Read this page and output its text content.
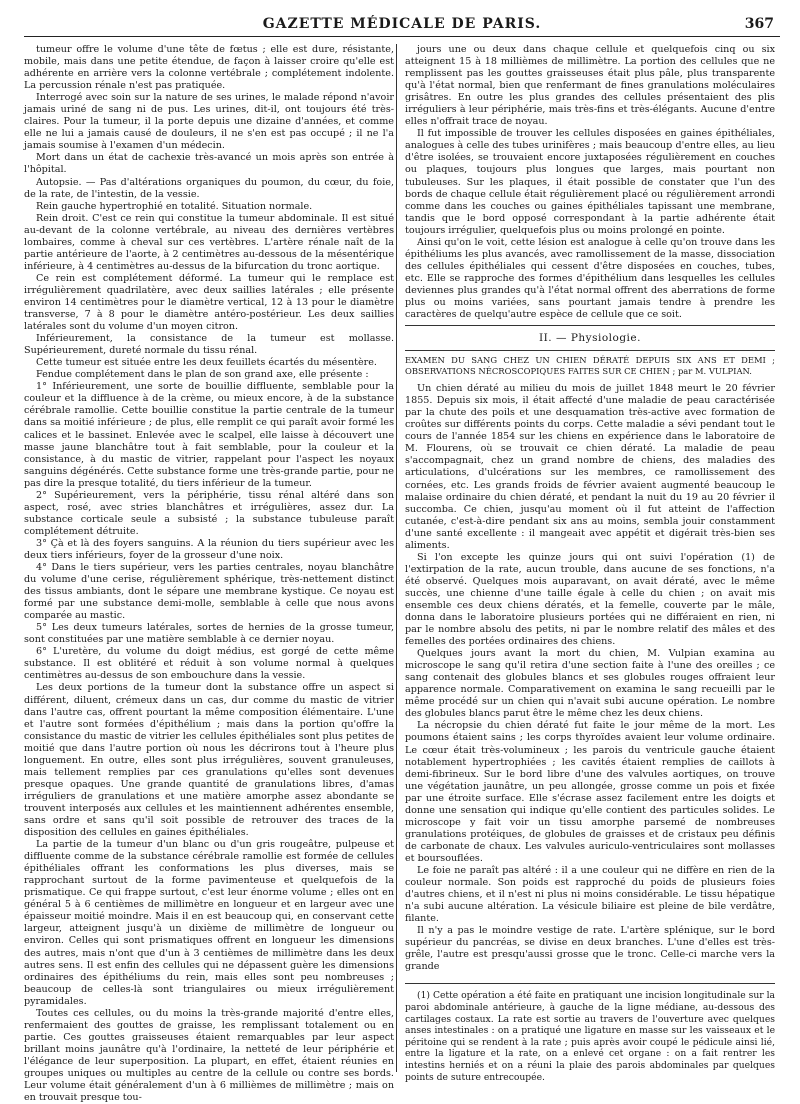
GAZETTE MÉDICALE DE PARIS.	367

tumeur offre le volume d'une tête de fœtus ; elle est dure, résistante, mobile, mais dans une petite étendue, de façon à laisser croire qu'elle est adhérente en arrière vers la colonne vertébrale ; complétement indolente. La percussion rénale n'est pas pratiquée.

Interrogé avec soin sur la nature de ses urines, le malade répond n'avoir jamais uriné de sang ni de pus. Les urines, dit-il, ont toujours été très-claires. Pour la tumeur, il la porte depuis une dizaine d'années, et comme elle ne lui a jamais causé de douleurs, il ne s'en est pas occupé ; il ne l'a jamais soumise à l'examen d'un médecin.

Mort dans un état de cachexie très-avancé un mois après son entrée à l'hôpital.

Autopsie. — Pas d'altérations organiques du poumon, du cœur, du foie, de la rate, de l'intestin, de la vessie.

Rein gauche hypertrophié en totalité. Situation normale.

Rein droit. C'est ce rein qui constitue la tumeur abdominale. Il est situé au-devant de la colonne vertébrale, au niveau des dernières vertèbres lombaires, comme à cheval sur ces vertèbres. L'artère rénale naît de la partie antérieure de l'aorte, à 2 centimètres au-dessous de la mésentérique inférieure, à 4 centimètres au-dessus de la bifurcation du tronc aortique.

Ce rein est complétement déformé. La tumeur qui le remplace est irrégulièrement quadrilatère, avec deux saillies latérales ; elle présente environ 14 centimètres pour le diamètre vertical, 12 à 13 pour le diamètre transverse, 7 à 8 pour le diamètre antéro-postérieur. Les deux saillies latérales sont du volume d'un moyen citron.

Inférieurement, la consistance de la tumeur est mollasse. Supérieurement, dureté normale du tissu rénal.

Cette tumeur est située entre les deux feuillets écartés du mésentère.

Fendue complétement dans le plan de son grand axe, elle présente :

1° Inférieurement, une sorte de bouillie diffluente, semblable pour la couleur et la diffluence à de la crème, ou mieux encore, à de la substance cérébrale ramollie. Cette bouillie constitue la partie centrale de la tumeur dans sa moitié inférieure ; de plus, elle remplit ce qui paraît avoir formé les calices et le bassinet. Enlevée avec le scalpel, elle laisse à découvert une masse jaune blanchâtre tout à fait semblable, pour la couleur et la consistance, à du mastic de vitrier, rappelant pour l'aspect les noyaux sanguins dégénérés. Cette substance forme une très-grande partie, pour ne pas dire la presque totalité, du tiers inférieur de la tumeur.

2° Supérieurement, vers la périphérie, tissu rénal altéré dans son aspect, rosé, avec stries blanchâtres et irrégulières, assez dur. La substance corticale seule a subsisté ; la substance tubuleuse paraît complétement détruite.

3° Çà et là des foyers sanguins. A la réunion du tiers supérieur avec les deux tiers inférieurs, foyer de la grosseur d'une noix.

4° Dans le tiers supérieur, vers les parties centrales, noyau blanchâtre du volume d'une cerise, régulièrement sphérique, très-nettement distinct des tissus ambiants, dont le sépare une membrane kystique. Ce noyau est formé par une substance demi-molle, semblable à celle que nous avons comparée au mastic.

5° Les deux tumeurs latérales, sortes de hernies de la grosse tumeur, sont constituées par une matière semblable à ce dernier noyau.

6° L'uretère, du volume du doigt médius, est gorgé de cette même substance. Il est oblitéré et réduit à son volume normal à quelques centimètres au-dessus de son embouchure dans la vessie.

Les deux portions de la tumeur dont la substance offre un aspect si différent, diluent, crémeux dans un cas, dur comme du mastic de vitrier dans l'autre cas, offrent pourtant la même composition élémentaire. L'une et l'autre sont formées d'épithélium ; mais dans la portion qu'offre la consistance du mastic de vitrier les cellules épithéliales sont plus petites de moitié que dans l'autre portion où nous les décrirons tout à l'heure plus longuement. En outre, elles sont plus irrégulières, souvent granuleuses, mais tellement remplies par ces granulations qu'elles sont devenues presque opaques. Une grande quantité de granulations libres, d'amas irréguliers de granulations et une matière amorphe assez abondante se trouvent interposés aux cellules et les maintiennent adhérentes ensemble, sans ordre et sans qu'il soit possible de retrouver des traces de la disposition des cellules en gaines épithéliales.

La partie de la tumeur d'un blanc ou d'un gris rougeâtre, pulpeuse et diffluente comme de la substance cérébrale ramollie est formée de cellules épithéliales offrant les conformations les plus diverses, mais se rapprochant surtout de la forme pavimenteuse et quelquefois de la prismatique. Ce qui frappe surtout, c'est leur énorme volume ; elles ont en général 5 à 6 centièmes de millimètre en longueur et en largeur avec une épaisseur moitié moindre. Mais il en est beaucoup qui, en conservant cette largeur, atteignent jusqu'à un dixième de millimètre de longueur ou environ. Celles qui sont prismatiques offrent en longueur les dimensions des autres, mais n'ont que d'un à 3 centièmes de millimètre dans les deux autres sens. Il est enfin des cellules qui ne dépassent guère les dimensions ordinaires des épithéliums du rein, mais elles sont peu nombreuses ; beaucoup de celles-là sont triangulaires ou mieux irrégulièrement pyramidales.

Toutes ces cellules, ou du moins la très-grande majorité d'entre elles, renfermaient des gouttes de graisse, les remplissant totalement ou en partie. Ces gouttes graisseuses étaient remarquables par leur aspect brillant moins jaunâtre qu'à l'ordinaire, la netteté de leur périphérie et l'élégance de leur superposition. La plupart, en effet, étaient réunies en groupes uniques ou multiples au centre de la cellule ou contre ses bords. Leur volume était généralement d'un à 6 millièmes de millimètre ; mais on en trouvait presque tou-

jours une ou deux dans chaque cellule et quelquefois cinq ou six atteignent 15 à 18 millièmes de millimètre. La portion des cellules que ne remplissent pas les gouttes graisseuses était plus pâle, plus transparente qu'à l'état normal, bien que renfermant de fines granulations moléculaires grisâtres. En outre les plus grandes des cellules présentaient des plis irréguliers à leur périphérie, mais très-fins et très-élégants. Aucune d'entre elles n'offrait trace de noyau.

Il fut impossible de trouver les cellules disposées en gaines épithéliales, analogues à celle des tubes urinifères ; mais beaucoup d'entre elles, au lieu d'être isolées, se trouvaient encore juxtaposées régulièrement en couches ou plaques, toujours plus longues que larges, mais pourtant non tubuleuses. Sur les plaques, il était possible de constater que l'un des bords de chaque cellule était régulièrement placé ou régulièrement arrondi comme dans les couches ou gaines épithéliales tapissant une membrane, tandis que le bord opposé correspondant à la partie adhérente était toujours irrégulier, quelquefois plus ou moins prolongé en pointe.

Ainsi qu'on le voit, cette lésion est analogue à celle qu'on trouve dans les épithéliums les plus avancés, avec ramollissement de la masse, dissociation des cellules épithéliales qui cessent d'être disposées en couches, tubes, etc. Elle se rapproche des formes d'épithélium dans lesquelles les cellules deviennes plus grandes qu'à l'état normal offrent des aberrations de forme plus ou moins variées, sans pourtant jamais tendre à prendre les caractères de quelqu'autre espèce de cellule que ce soit.

II. — Physiologie.
EXAMEN DU SANG CHEZ UN CHIEN DÉRATÉ DEPUIS SIX ANS ET DEMI ; OBSERVATIONS NÉCROSCOPIQUES FAITES SUR CE CHIEN ; par M. VULPIAN.

Un chien dératé au milieu du mois de juillet 1848 meurt le 20 février 1855. Depuis six mois, il était affecté d'une maladie de peau caractérisée par la chute des poils et une desquamation très-active avec formation de croûtes sur différents points du corps. Cette maladie a sévi pendant tout le cours de l'année 1854 sur les chiens en expérience dans le laboratoire de M. Flourens, où se trouvait ce chien dératé. La maladie de peau s'accompagnait, chez un grand nombre de chiens, des maladies des articulations, d'ulcérations sur les membres, ce ramollissement des cornées, etc. Les grands froids de février avaient augmenté beaucoup le malaise ordinaire du chien dératé, et pendant la nuit du 19 au 20 février il succomba. Ce chien, jusqu'au moment où il fut atteint de l'affection cutanée, c'est-à-dire pendant six ans au moins, sembla jouir constamment d'une santé excellente : il mangeait avec appétit et digérait très-bien ses aliments.

Si l'on excepte les quinze jours qui ont suivi l'opération (1) de l'extirpation de la rate, aucun trouble, dans aucune de ses fonctions, n'a été observé. Quelques mois auparavant, on avait dératé, avec le même succès, une chienne d'une taille égale à celle du chien ; on avait mis ensemble ces deux chiens dératés, et la femelle, couverte par le mâle, donna dans le laboratoire plusieurs portées qui ne différaient en rien, ni par le nombre absolu des petits, ni par le nombre relatif des mâles et des femelles des portées ordinaires des chiens.

Quelques jours avant la mort du chien, M. Vulpian examina au microscope le sang qu'il retira d'une section faite à l'une des oreilles ; ce sang contenait des globules blancs et ses globules rouges offraient leur apparence normale. Comparativement on examina le sang recueilli par le même procédé sur un chien qui n'avait subi aucune opération. Le nombre des globules blancs parut être le même chez les deux chiens.

La nécropsie du chien dératé fut faite le jour même de la mort. Les poumons étaient sains ; les corps thyroïdes avaient leur volume ordinaire. Le cœur était très-volumineux ; les parois du ventricule gauche étaient notablement hypertrophiées ; les cavités étaient remplies de caillots à demi-fibrineux. Sur le bord libre d'une des valvules aortiques, on trouve une végétation jaunâtre, un peu allongée, grosse comme un pois et fixée par une étroite surface. Elle s'écrase assez facilement entre les doigts et donne une sensation qui indique qu'elle contient des particules solides. Le microscope y fait voir un tissu amorphe parsemé de nombreuses granulations protéiques, de globules de graisses et de cristaux peu définis de carbonate de chaux. Les valvules auriculo-ventriculaires sont mollasses et boursouflées.

Le foie ne paraît pas altéré : il a une couleur qui ne diffère en rien de la couleur normale. Son poids est rapproché du poids de plusieurs foies d'autres chiens, et il n'est ni plus ni moins considérable. Le tissu hépatique n'a subi aucune altération. La vésicule biliaire est pleine de bile verdâtre, filante.

Il n'y a pas le moindre vestige de rate. L'artère splénique, sur le bord supérieur du pancréas, se divise en deux branches. L'une d'elles est très-grêle, l'autre est presqu'aussi grosse que le tronc. Celle-ci marche vers la grande

(1) Cette opération a été faite en pratiquant une incision longitudinale sur la paroi abdominale antérieure, à gauche de la ligne médiane, au-dessous des cartilages costaux. La rate est sortie au travers de l'ouverture avec quelques anses intestinales : on a pratiqué une ligature en masse sur les vaisseaux et le péritoine qui se rendent à la rate ; puis après avoir coupé le pédicule ainsi lié, entre la ligature et la rate, on a enlevé cet organe : on a fait rentrer les intestins herniés et on a réuni la plaie des parois abdominales par quelques points de suture entrecoupée.
